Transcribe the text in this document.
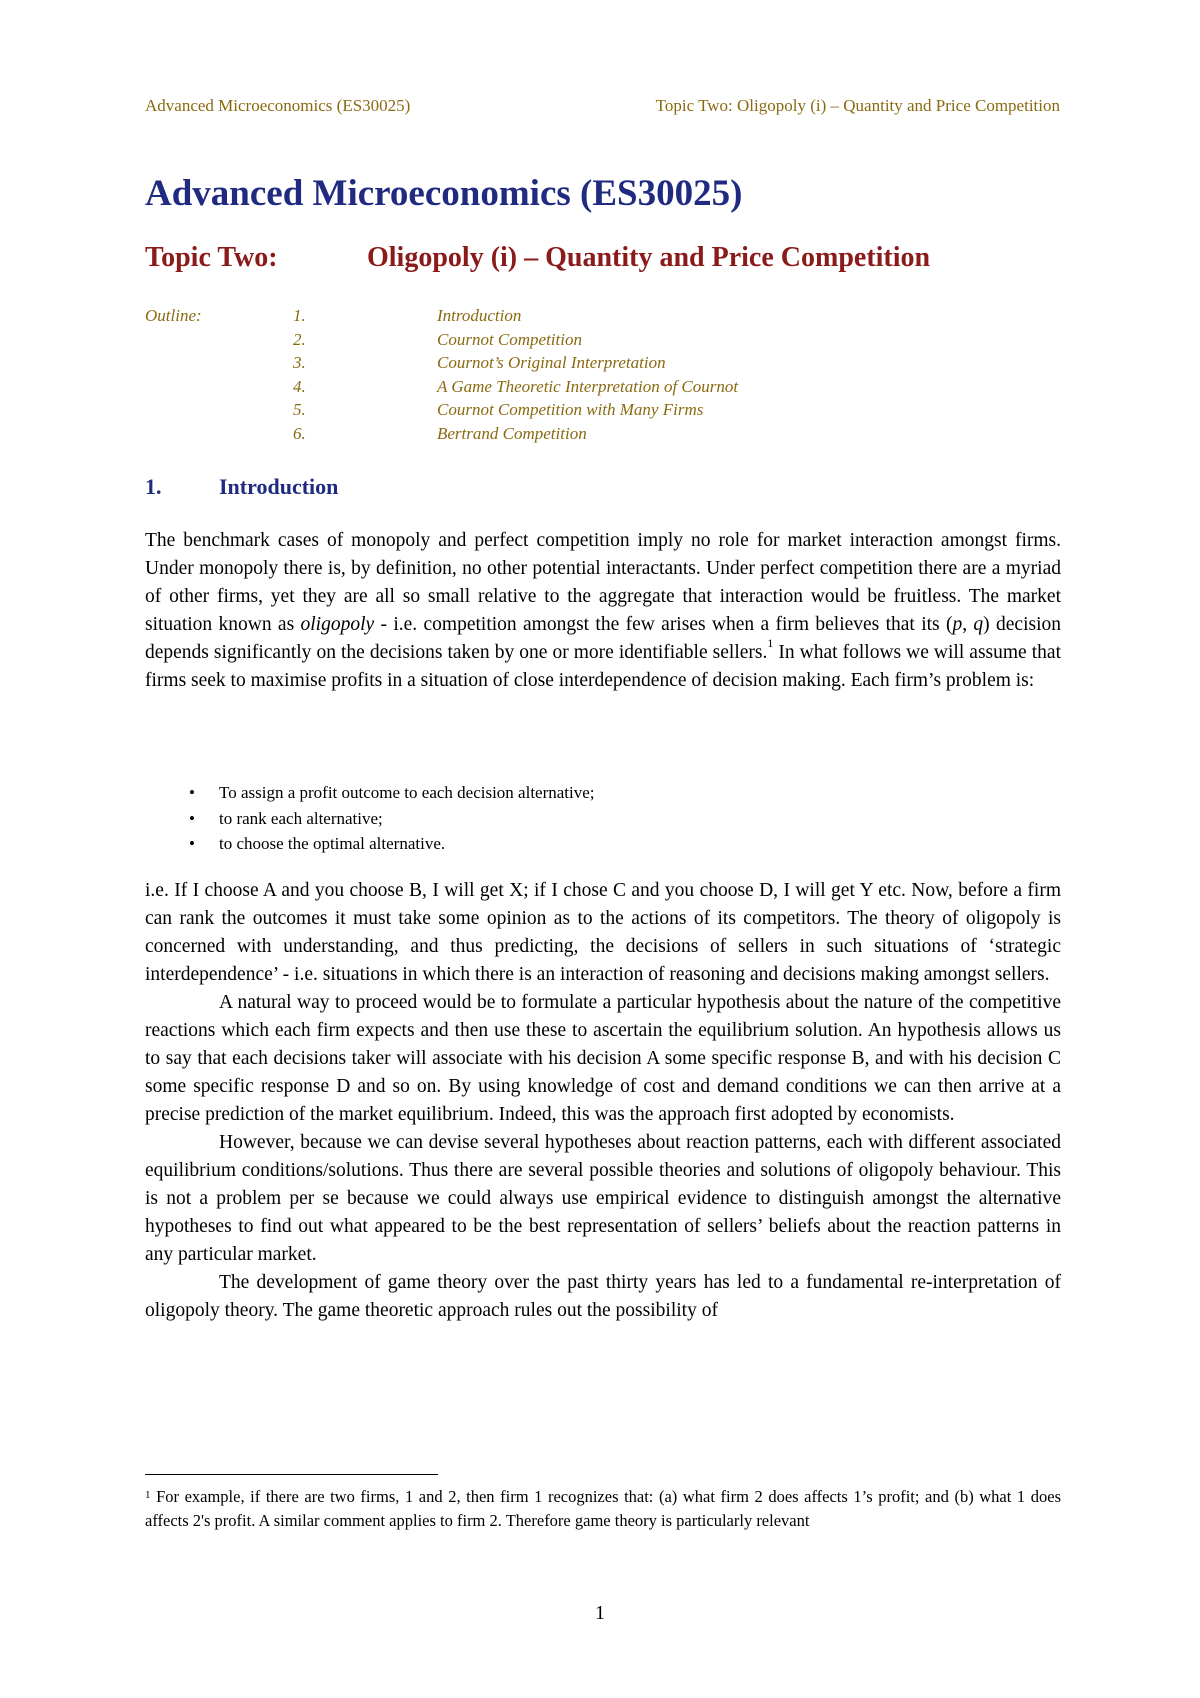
Advanced Microeconomics (ES30025)	Topic Two: Oligopoly (i) – Quantity and Price Competition
Advanced Microeconomics (ES30025)
Topic Two:	Oligopoly (i) – Quantity and Price Competition
Outline:	1.	Introduction
2.	Cournot Competition
3.	Cournot’s Original Interpretation
4.	A Game Theoretic Interpretation of Cournot
5.	Cournot Competition with Many Firms
6.	Bertrand Competition
1.	Introduction

The benchmark cases of monopoly and perfect competition imply no role for market interaction amongst firms. Under monopoly there is, by definition, no other potential interactants. Under perfect competition there are a myriad of other firms, yet they are all so small relative to the aggregate that interaction would be fruitless. The market situation known as oligopoly - i.e. competition amongst the few arises when a firm believes that its (p, q) decision depends significantly on the decisions taken by one or more identifiable sellers.$^1$ In what follows we will assume that firms seek to maximise profits in a situation of close interdependence of decision making. Each firm’s problem is:

• To assign a profit outcome to each decision alternative;
• to rank each alternative;
• to choose the optimal alternative.

i.e. If I choose A and you choose B, I will get X; if I chose C and you choose D, I will get Y etc. Now, before a firm can rank the outcomes it must take some opinion as to the actions of its competitors. The theory of oligopoly is concerned with understanding, and thus predicting, the decisions of sellers in such situations of ‘strategic interdependence’ - i.e. situations in which there is an interaction of reasoning and decisions making amongst sellers.

A natural way to proceed would be to formulate a particular hypothesis about the nature of the competitive reactions which each firm expects and then use these to ascertain the equilibrium solution. An hypothesis allows us to say that each decisions taker will associate with his decision A some specific response B, and with his decision C some specific response D and so on. By using knowledge of cost and demand conditions we can then arrive at a precise prediction of the market equilibrium. Indeed, this was the approach first adopted by economists.

However, because we can devise several hypotheses about reaction patterns, each with different associated equilibrium conditions/solutions. Thus there are several possible theories and solutions of oligopoly behaviour. This is not a problem per se because we could always use empirical evidence to distinguish amongst the alternative hypotheses to find out what appeared to be the best representation of sellers’ beliefs about the reaction patterns in any particular market.

The development of game theory over the past thirty years has led to a fundamental re-interpretation of oligopoly theory. The game theoretic approach rules out the possibility of

$^1$ For example, if there are two firms, 1 and 2, then firm 1 recognizes that: (a) what firm 2 does affects 1’s profit; and (b) what 1 does affects 2's profit. A similar comment applies to firm 2. Therefore game theory is particularly relevant

1
